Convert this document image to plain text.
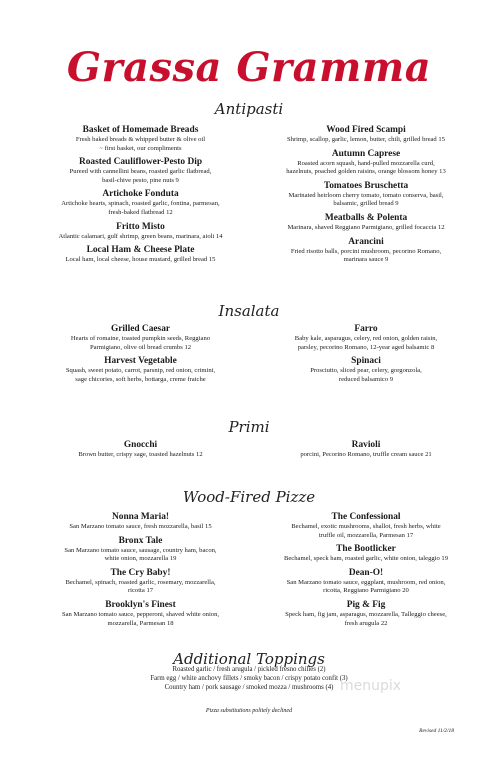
Grassa Gramma
Antipasti
Basket of Homemade Breads

Fresh baked breads & whipped butter & olive oil
~ first basket, our compliments

Roasted Cauliflower-Pesto Dip

Pureed with cannellini beans, roasted garlic flatbread,
basil-chive pesto, pine nuts 9

Artichoke Fonduta

Artichoke hearts, spinach, roasted garlic, fontina, parmesan,
fresh-baked flatbread 12

Fritto Misto

Atlantic calamari, gulf shrimp, green beans, marinara, aioli 14

Local Ham & Cheese Plate

Local ham, local cheese, house mustard, grilled bread 15

Wood Fired Scampi

Shrimp, scallop, garlic, lemon, butter, chili, grilled bread 15

Autumn Caprese

Roasted acorn squash, hand-pulled mozzarella curd,
hazelnuts, poached golden raisins, orange blossom honey 13

Tomatoes Bruschetta

Marinated heirloom cherry tomato, tomato conserva, basil,
balsamic, grilled bread 9

Meatballs & Polenta

Marinara, shaved Reggiano Parmigiano, grilled focaccia 12

Arancini

Fried risotto balls, porcini mushroom, pecorino Romano,
marinara sauce 9

Insalata
Grilled Caesar

Hearts of romaine, toasted pumpkin seeds, Reggiano
Parmigiano, olive oil bread crumbs 12

Harvest Vegetable

Squash, sweet potato, carrot, parsnip, red onion, crimini,
sage chicories, soft herbs, bottarga, creme fraiche

Farro

Baby kale, asparagus, celery, red onion, golden raisin,
parsley, pecorino Romano, 12-year aged balsamic 8

Spinaci

Prosciutto, sliced pear, celery, gorgonzola,
reduced balsamico 9

Primi
Gnocchi

Brown butter, crispy sage, toasted hazelnuts 12

Ravioli

porcini, Pecorino Romano, truffle cream sauce 21

Wood-Fired Pizze
Nonna Maria!

San Marzano tomato sauce, fresh mozzarella, basil 15

Bronx Tale

San Marzano tomato sauce, sausage, country ham, bacon,
white onion, mozzarella 19

The Cry Baby!

Bechamel, spinach, roasted garlic, rosemary, mozzarella,
ricotta 17

Brooklyn's Finest

San Marzano tomato sauce, pepperoni, shaved white onion,
mozzarella, Parmesan 18

The Confessional

Bechamel, exotic mushrooms, shallot, fresh herbs, white
truffle oil, mozzarella, Parmesan 17

The Bootlicker

Bechamel, speck ham, roasted garlic, white onion, taleggio 19

Dean-O!

San Marzano tomato sauce, eggplant, mushroom, red onion,
ricotta, Reggiano Parmigiano 20

Pig & Fig

Speck ham, fig jam, asparagus, mozzarella, Talleggio cheese,
fresh arugula 22

Additional Toppings

Roasted garlic / fresh arugula / pickled fresno chilies (2)

Farm egg / white anchovy fillets / smoky bacon / crispy potato confit (3)

Country ham / pork sausage / smoked mozza / mushrooms (4) menupix
Pizza substitutions politely declined
Revised 11/2/18
